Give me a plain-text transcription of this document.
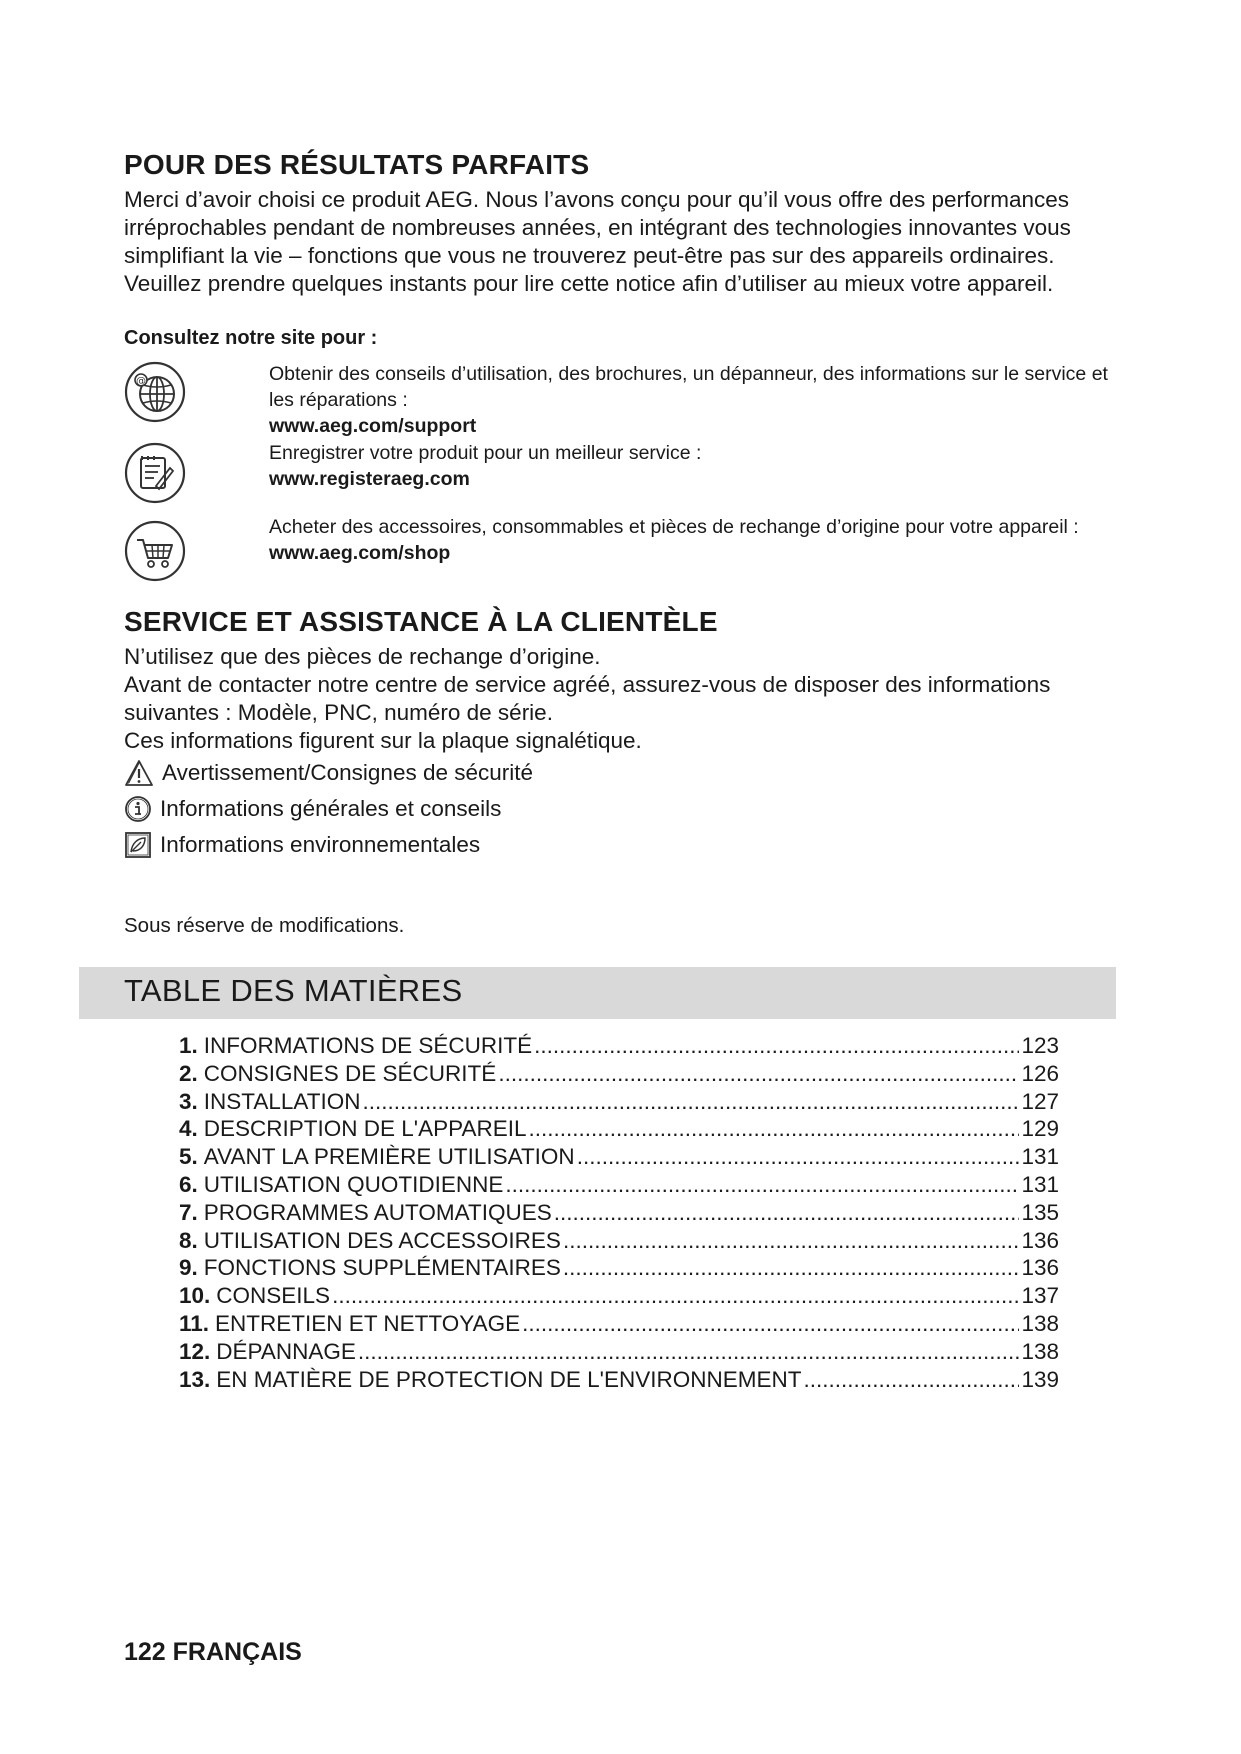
POUR DES RÉSULTATS PARFAITS

Merci d’avoir choisi ce produit AEG. Nous l’avons conçu pour qu’il vous offre des performances irréprochables pendant de nombreuses années, en intégrant des technologies innovantes vous simplifiant la vie – fonctions que vous ne trouverez peut-être pas sur des appareils ordinaires. Veuillez prendre quelques instants pour lire cette notice afin d’utiliser au mieux votre appareil.

Consultez notre site pour :

@	Obtenir des conseils d’utilisation, des brochures, un dépanneur, des informations sur le service et les réparations :

www.aeg.com/support

Enregistrer votre produit pour un meilleur service :

www.registeraeg.com

Acheter des accessoires, consommables et pièces de rechange d’origine pour votre appareil :

www.aeg.com/shop

SERVICE ET ASSISTANCE À LA CLIENTÈLE

N’utilisez que des pièces de rechange d’origine.

Avant de contacter notre centre de service agréé, assurez-vous de disposer des informations suivantes : Modèle, PNC, numéro de série.

Ces informations figurent sur la plaque signalétique.

Avertissement/Consignes de sécurité
Informations générales et conseils
Informations environnementales

Sous réserve de modifications.

TABLE DES MATIÈRES
1. INFORMATIONS DE SÉCURITÉ .....	123
2. CONSIGNES DE SÉCURITÉ .....	126
3. INSTALLATION .....	127
4. DESCRIPTION DE L'APPAREIL .....	129
5. AVANT LA PREMIÈRE UTILISATION .....	131
6. UTILISATION QUOTIDIENNE .....	131
7. PROGRAMMES AUTOMATIQUES .....	135
8. UTILISATION DES ACCESSOIRES .....	136
9. FONCTIONS SUPPLÉMENTAIRES .....	136
10. CONSEILS .....	137
11. ENTRETIEN ET NETTOYAGE .....	138
12. DÉPANNAGE .....	138
13. EN MATIÈRE DE PROTECTION DE L'ENVIRONNEMENT .....	139

122 FRANÇAIS
